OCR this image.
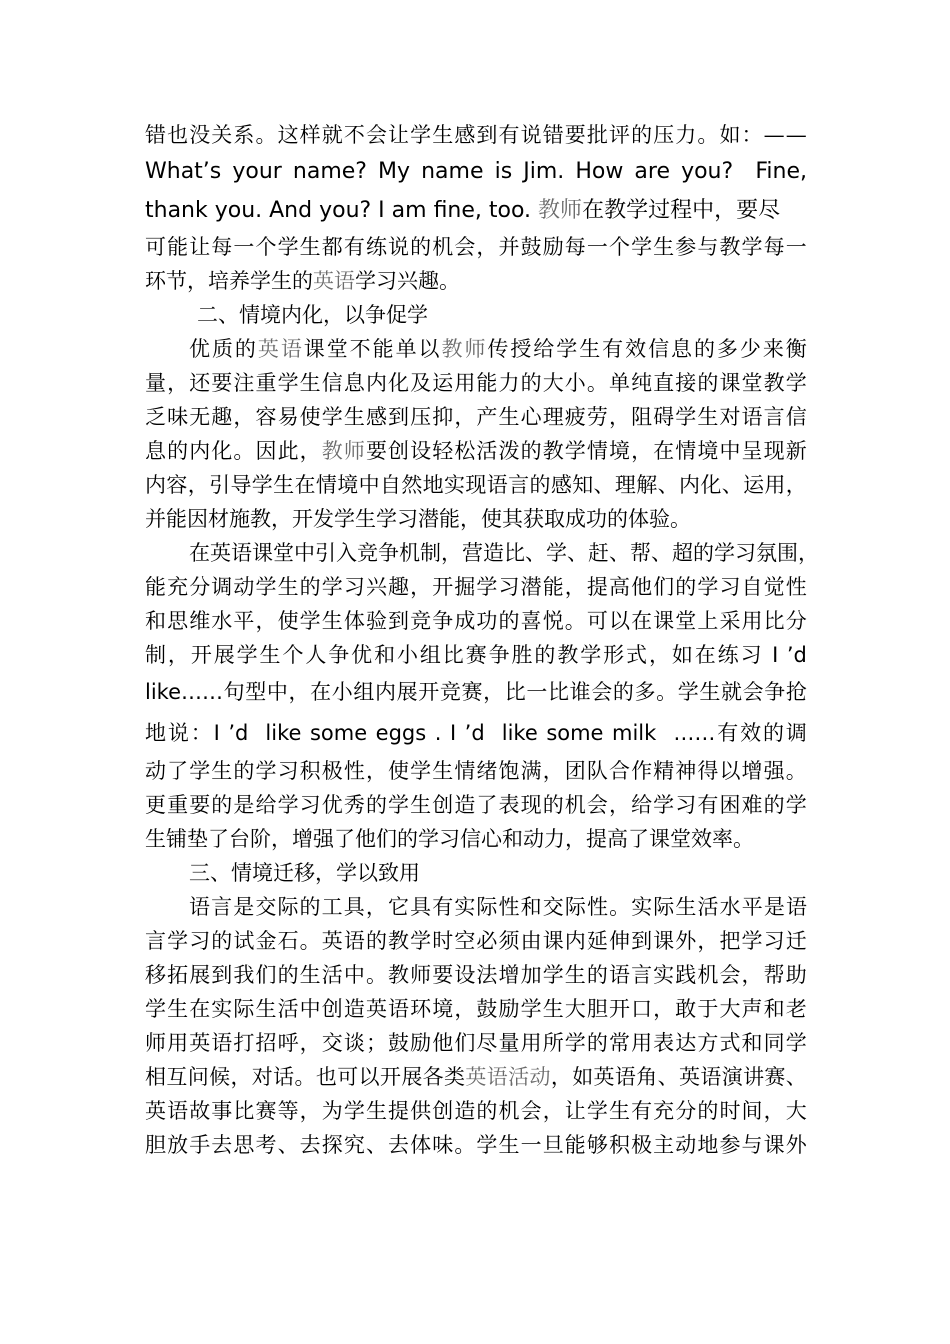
错 也 没 关 系 。 这 样 就 不 会 让 学 生 感 到 有 说 错 要 批 评 的 压 力 。 如 ： — —
What’s your name? My name is Jim. How are you?
Fine,
thank you. And you? I am fine, too. 教师在教学过程中，要尽
可 能 让 每 一 个 学 生 都 有 练 说 的 机 会 ， 并 鼓 励 每 一 个 学 生 参 与 教 学 每 一
环节，培养学生的英语学习兴趣。
二、情境内化，以争促学
优 质 的 英 语 课 堂 不 能 单 以 教 师 传 授 给 学 生 有 效 信 息 的 多 少 来 衡
量 ， 还 要 注 重 学 生 信 息 内 化 及 运 用 能 力 的 大 小 。 单 纯 直 接 的 课 堂 教 学
乏 味 无 趣 ， 容 易 使 学 生 感 到 压 抑 ， 产 生 心 理 疲 劳 ， 阻 碍 学 生 对 语 言 信
息 的 内 化 。 因 此 ， 教 师 要 创 设 轻 松 活 泼 的 教 学 情 境 ， 在 情 境 中 呈 现 新
内 容 ， 引 导 学 生 在 情 境 中 自 然 地 实 现 语 言 的 感 知 、 理 解 、 内 化 、 运 用 ，
并能因材施教，开发学生学习潜能，使其获取成功的体验。
在 英 语 课 堂 中 引 入 竞 争 机 制 ， 营 造 比 、 学 、 赶 、 帮 、 超 的 学 习 氛 围 ，
能 充 分 调 动 学 生 的 学 习 兴 趣 ， 开 掘 学 习 潜 能 ， 提 高 他 们 的 学 习 自 觉 性
和 思 维 水 平 ， 使 学 生 体 验 到 竞 争 成 功 的 喜 悦 。 可 以 在 课 堂 上 采 用 比 分
制 ， 开 展 学 生 个 人 争 优 和 小 组 比 赛 争 胜 的 教 学 形 式 ， 如 在 练 习
I ’d
like…… 句 型 中 ， 在 小 组 内 展 开 竞 赛 ， 比 一 比 谁 会 的 多 。 学 生 就 会 争 抢
地 说 ： I ’d
like some eggs . I ’d
like some milk
…… 有 效 的 调
动 了 学 生 的 学 习 积 极 性 ， 使 学 生 情 绪 饱 满 ， 团 队 合 作 精 神 得 以 增 强 。
更 重 要 的 是 给 学 习 优 秀 的 学 生 创 造 了 表 现 的 机 会 ， 给 学 习 有 困 难 的 学
生铺垫了台阶，增强了他们的学习信心和动力，提高了课堂效率。
三、情境迁移，学以致用
语 言 是 交 际 的 工 具 ， 它 具 有 实 际 性 和 交 际 性 。 实 际 生 活 水 平 是 语
言 学 习 的 试 金 石 。 英 语 的 教 学 时 空 必 须 由 课 内 延 伸 到 课 外 ， 把 学 习 迁
移 拓 展 到 我 们 的 生 活 中 。 教 师 要 设 法 增 加 学 生 的 语 言 实 践 机 会 ， 帮 助
学 生 在 实 际 生 活 中 创 造 英 语 环 境 ， 鼓 励 学 生 大 胆 开 口 ， 敢 于 大 声 和 老
师 用 英 语 打 招 呼 ， 交 谈 ； 鼓 励 他 们 尽 量 用 所 学 的 常 用 表 达 方 式 和 同 学
相 互 问 候 ， 对 话 。 也 可 以 开 展 各 类 英 语 活 动 ， 如 英 语 角 、 英 语 演 讲 赛 、
英 语 故 事 比 赛 等 ， 为 学 生 提 供 创 造 的 机 会 ， 让 学 生 有 充 分 的 时 间 ， 大
胆 放 手 去 思 考 、 去 探 究 、 去 体 味 。 学 生 一 旦 能 够 积 极 主 动 地 参 与 课 外
